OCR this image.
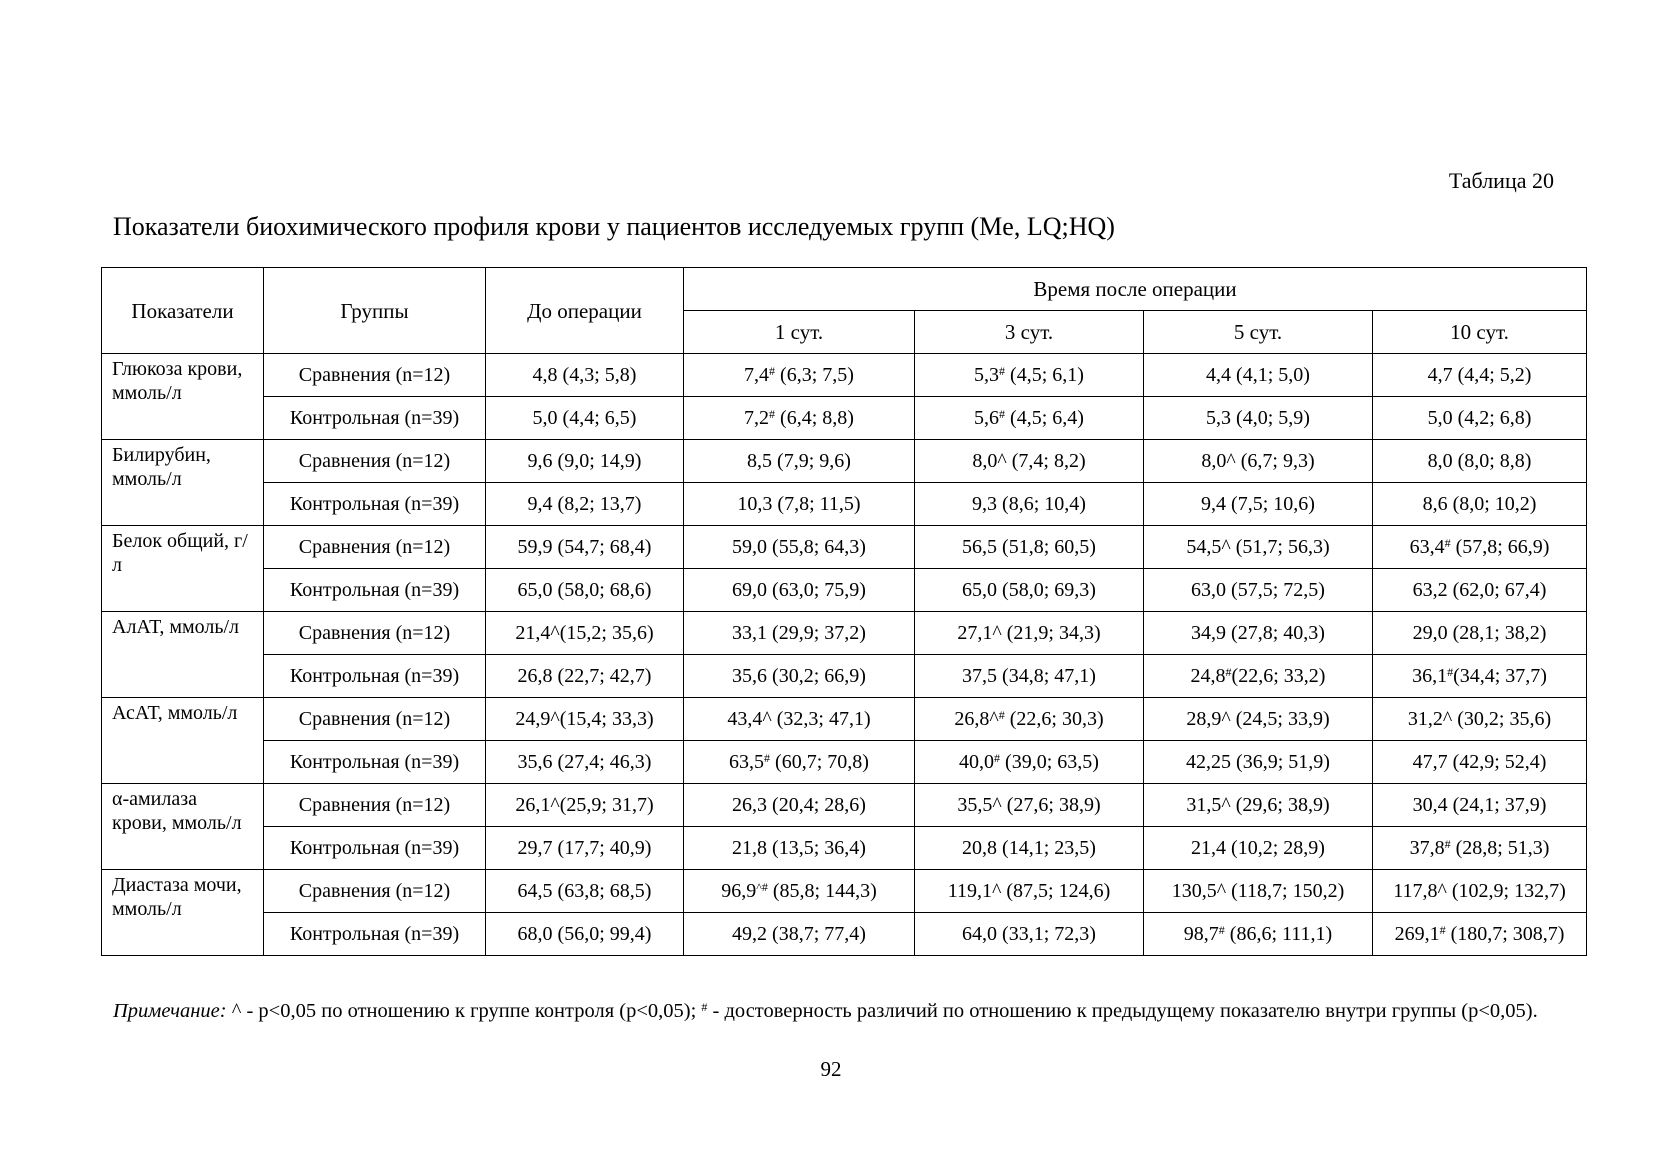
Таблица 20
Показатели биохимического профиля крови у пациентов исследуемых групп (Me, LQ;HQ)
Показатели	Группы	До операции	Время после операции			
			1 сут.	3 сут.	5 сут.	10 сут.
Глюкоза крови, ммоль/л	Сравнения (n=12)	4,8 (4,3; 5,8)	7,4# (6,3; 7,5)	5,3# (4,5; 6,1)	4,4 (4,1; 5,0)	4,7 (4,4; 5,2)
	Контрольная (n=39)	5,0 (4,4; 6,5)	7,2# (6,4; 8,8)	5,6# (4,5; 6,4)	5,3 (4,0; 5,9)	5,0 (4,2; 6,8)
Билирубин, ммоль/л	Сравнения (n=12)	9,6 (9,0; 14,9)	8,5 (7,9; 9,6)	8,0^ (7,4; 8,2)	8,0^ (6,7; 9,3)	8,0 (8,0; 8,8)
	Контрольная (n=39)	9,4 (8,2; 13,7)	10,3 (7,8; 11,5)	9,3 (8,6; 10,4)	9,4 (7,5; 10,6)	8,6 (8,0; 10,2)
Белок общий, г/л	Сравнения (n=12)	59,9 (54,7; 68,4)	59,0 (55,8; 64,3)	56,5 (51,8; 60,5)	54,5^ (51,7; 56,3)	63,4# (57,8; 66,9)
	Контрольная (n=39)	65,0 (58,0; 68,6)	69,0 (63,0; 75,9)	65,0 (58,0; 69,3)	63,0 (57,5; 72,5)	63,2 (62,0; 67,4)
АлАТ, ммоль/л	Сравнения (n=12)	21,4^(15,2; 35,6)	33,1 (29,9; 37,2)	27,1^ (21,9; 34,3)	34,9 (27,8; 40,3)	29,0 (28,1; 38,2)
	Контрольная (n=39)	26,8 (22,7; 42,7)	35,6 (30,2; 66,9)	37,5 (34,8; 47,1)	24,8#(22,6; 33,2)	36,1#(34,4; 37,7)
АсАТ, ммоль/л	Сравнения (n=12)	24,9^(15,4; 33,3)	43,4^ (32,3; 47,1)	26,8^# (22,6; 30,3)	28,9^ (24,5; 33,9)	31,2^ (30,2; 35,6)
	Контрольная (n=39)	35,6 (27,4; 46,3)	63,5# (60,7; 70,8)	40,0# (39,0; 63,5)	42,25 (36,9; 51,9)	47,7 (42,9; 52,4)
α-амилаза крови, ммоль/л	Сравнения (n=12)	26,1^(25,9; 31,7)	26,3 (20,4; 28,6)	35,5^ (27,6; 38,9)	31,5^ (29,6; 38,9)	30,4 (24,1; 37,9)
	Контрольная (n=39)	29,7 (17,7; 40,9)	21,8 (13,5; 36,4)	20,8 (14,1; 23,5)	21,4 (10,2; 28,9)	37,8# (28,8; 51,3)
Диастаза мочи, ммоль/л	Сравнения (n=12)	64,5 (63,8; 68,5)	96,9^# (85,8; 144,3)	119,1^ (87,5; 124,6)	130,5^ (118,7; 150,2)	117,8^ (102,9; 132,7)
	Контрольная (n=39)	68,0 (56,0; 99,4)	49,2 (38,7; 77,4)	64,0 (33,1; 72,3)	98,7# (86,6; 111,1)	269,1# (180,7; 308,7)
Примечание: ^ - p<0,05 по отношению к группе контроля (p<0,05); # - достоверность различий по отношению к предыдущему показателю внутри группы (p<0,05).
92
